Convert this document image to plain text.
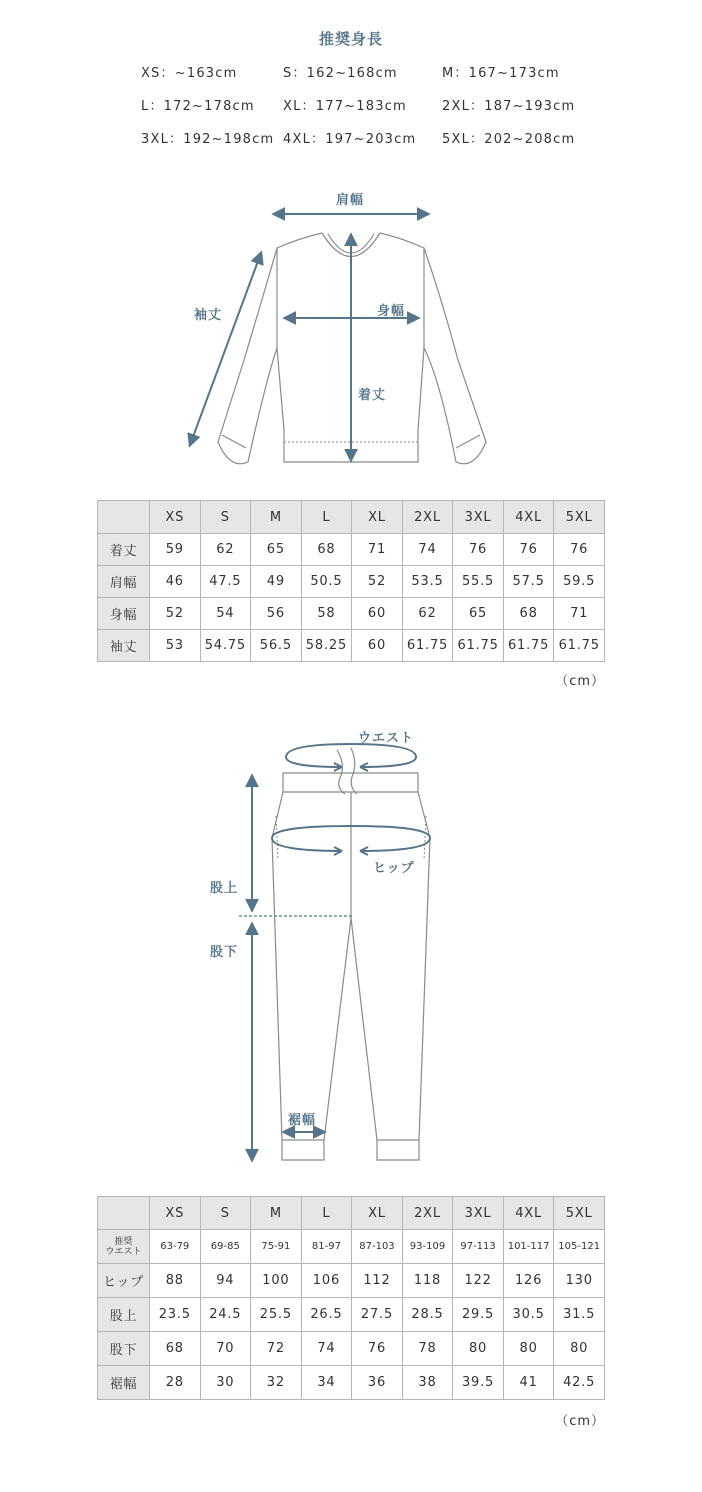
推奨身長
XS：~163cm	S：162~168cm	M：167~173cm
L：172~178cm XL：177~183cm	2XL：187~193cm
3XL：192~198cm 4XL：197~203cm 5XL：202~208cm
肩幅
袖丈	身幅
着丈
	XS	S	M	L	XL	2XL	3XL	4XL	5XL
着丈	59	62	65	68	71	74	76	76	76
肩幅	46	47.5	49	50.5	52	53.5	55.5	57.5	59.5
身幅	52	54	56	58	60	62	65	68	71
袖丈	53	54.75	56.5	58.25	60	61.75	61.75	61.75	61.75
（cm）
ウエスト
ヒップ
股上
股下
裾幅
	XS	S	M	L	XL	2XL	3XL	4XL	5XL

推奨
ウエスト	63-79	69-85	75-91	81-97	87-103	93-109	97-113	101-117	105-121
ヒップ	88	94	100	106	112	118	122	126	130
股上	23.5	24.5	25.5	26.5	27.5	28.5	29.5	30.5	31.5
股下	68	70	72	74	76	78	80	80	80
裾幅	28	30	32	34	36	38	39.5	41	42.5
（cm）
